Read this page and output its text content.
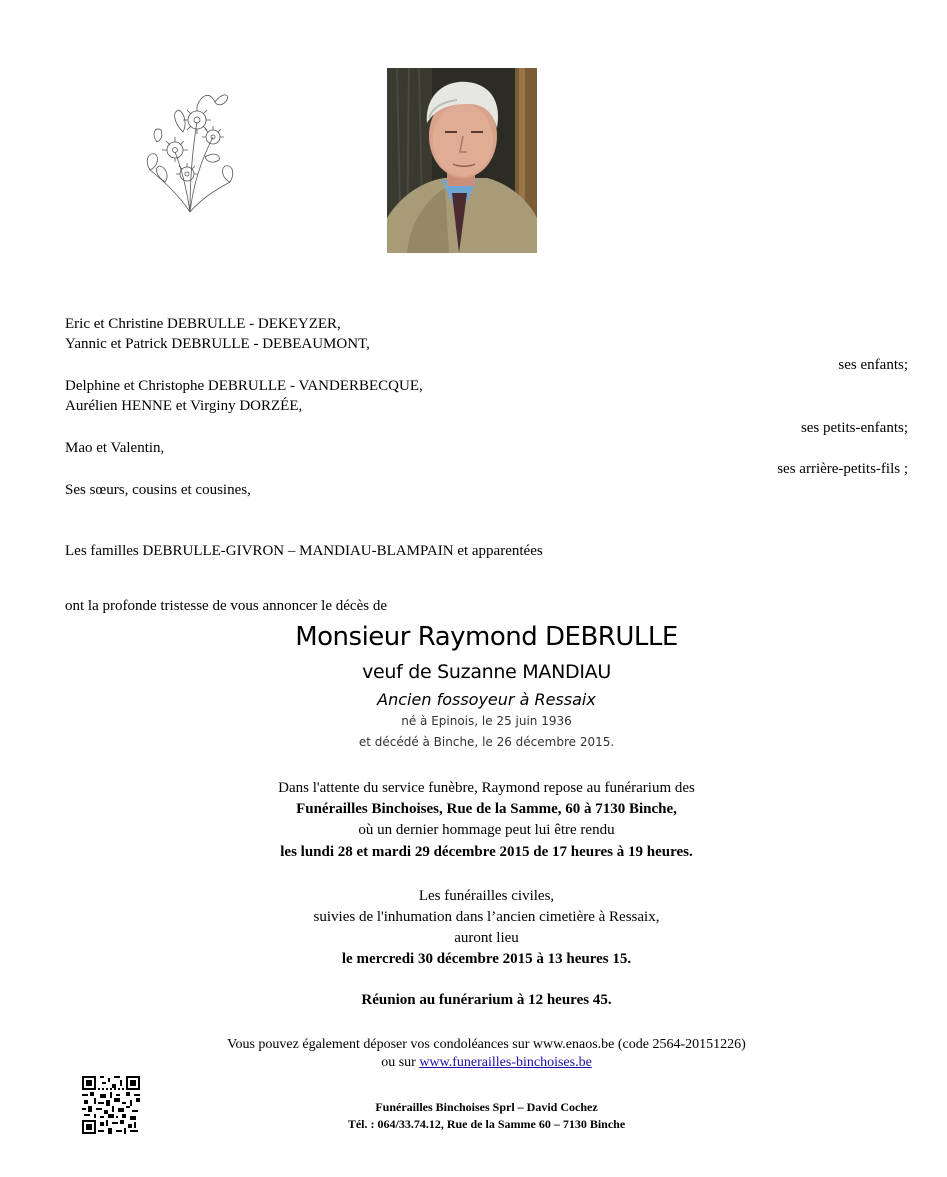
Eric et Christine DEBRULLE - DEKEYZER,
Yannic et Patrick DEBRULLE - DEBEAUMONT,
ses enfants;
Delphine et Christophe DEBRULLE - VANDERBECQUE,
Aurélien HENNE et Virginy DORZÉE,
ses petits-enfants;
Mao et Valentin,
ses arrière-petits-fils ;
Ses sœurs, cousins et cousines,
Les familles DEBRULLE-GIVRON – MANDIAU-BLAMPAIN et apparentées
ont la profonde tristesse de vous annoncer le décès de
Monsieur Raymond DEBRULLE
veuf de Suzanne MANDIAU
Ancien fossoyeur à Ressaix
né à Epinois, le 25 juin 1936
et décédé à Binche, le 26 décembre 2015.
Dans l'attente du service funèbre, Raymond repose au funérarium des
Funérailles Binchoises, Rue de la Samme, 60 à 7130 Binche,
où un dernier hommage peut lui être rendu
les lundi 28 et mardi 29 décembre 2015 de 17 heures à 19 heures.
Les funérailles civiles,
suivies de l'inhumation dans l’ancien cimetière à Ressaix,
auront lieu
le mercredi 30 décembre 2015 à 13 heures 15.
Réunion au funérarium à 12 heures 45.
Vous pouvez également déposer vos condoléances sur www.enaos.be (code 2564-20151226)
ou sur www.funerailles-binchoises.be
Funérailles Binchoises Sprl – David Cochez
Tél. : 064/33.74.12, Rue de la Samme 60 – 7130 Binche
